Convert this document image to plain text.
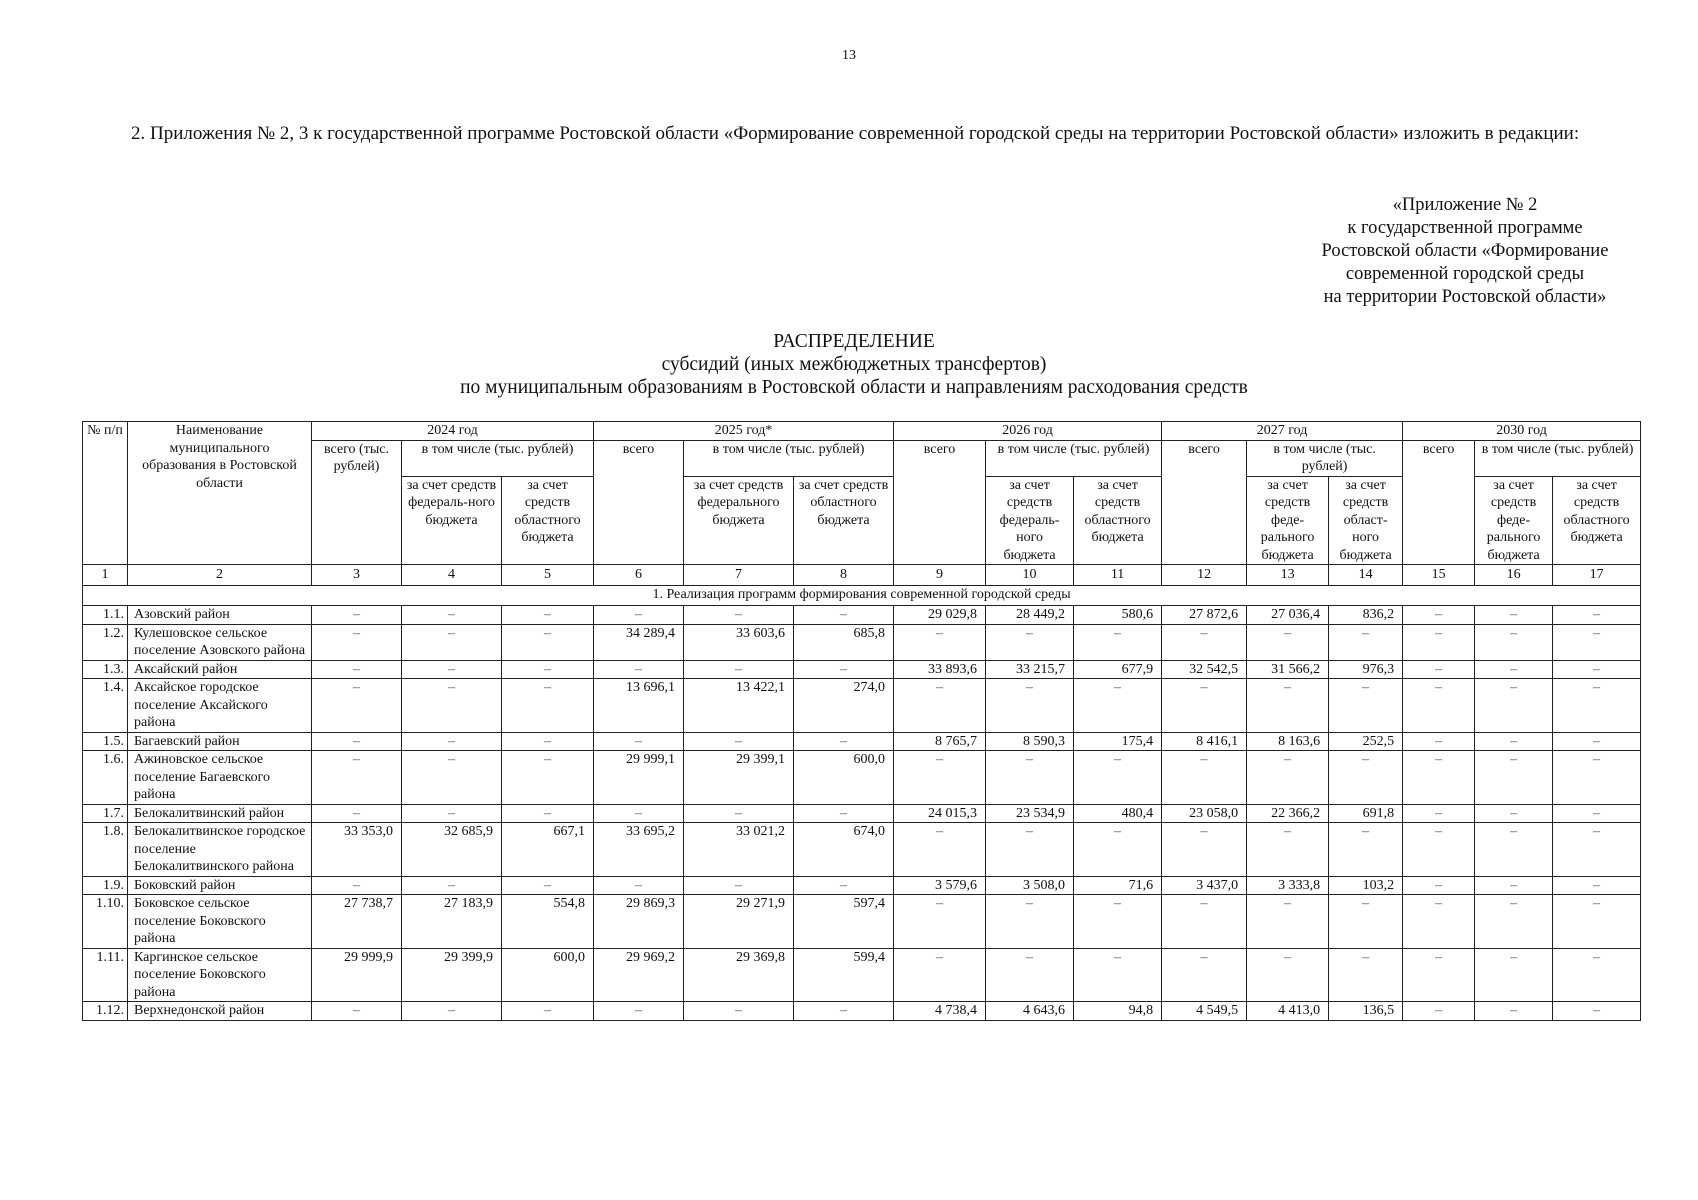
13
2. Приложения № 2, 3 к государственной программе Ростовской области «Формирование современной городской среды на территории Ростовской области» изложить в редакции:
«Приложение № 2
к государственной программе
Ростовской области «Формирование
современной городской среды
на территории Ростовской области»
РАСПРЕДЕЛЕНИЕ
субсидий (иных межбюджетных трансфертов)
по муниципальным образованиям в Ростовской области и направлениям расходования средств
№ п/п	Наименование муниципального образования в Ростовской области	2024 год			2025 год*			2026 год			2027 год			2030 год		
		всего (тыс. рублей)	в том числе (тыс. рублей)		всего	в том числе (тыс. рублей)		всего	в том числе (тыс. рублей)		всего	в том числе (тыс. рублей)		всего	в том числе (тыс. рублей)	
			за счет средств федераль-ного бюджета	за счет средств областного бюджета		за счет средств федерального бюджета	за счет средств областного бюджета		за счет средств федераль-ного бюджета	за счет средств областного бюджета		за счет средств феде-рального бюджета	за счет средств област-ного бюджета		за счет средств феде-рального бюджета	за счет средств областного бюджета
1	2	3	4	5	6	7	8	9	10	11	12	13	14	15	16	17
1. Реализация программ формирования современной городской среды																
1.1.	Азовский район	–	–	–	–	–	–	29 029,8	28 449,2	580,6	27 872,6	27 036,4	836,2	–	–	–
1.2.	Кулешовское сельское поселение Азовского района	–	–	–	34 289,4	33 603,6	685,8	–	–	–	–	–	–	–	–	–
1.3.	Аксайский район	–	–	–	–	–	–	33 893,6	33 215,7	677,9	32 542,5	31 566,2	976,3	–	–	–
1.4.	Аксайское городское поселение Аксайского района	–	–	–	13 696,1	13 422,1	274,0	–	–	–	–	–	–	–	–	–
1.5.	Багаевский район	–	–	–	–	–	–	8 765,7	8 590,3	175,4	8 416,1	8 163,6	252,5	–	–	–
1.6.	Ажиновское сельское поселение Багаевского района	–	–	–	29 999,1	29 399,1	600,0	–	–	–	–	–	–	–	–	–
1.7.	Белокалитвинский район	–	–	–	–	–	–	24 015,3	23 534,9	480,4	23 058,0	22 366,2	691,8	–	–	–
1.8.	Белокалитвинское городское поселение Белокалитвинского района	33 353,0	32 685,9	667,1	33 695,2	33 021,2	674,0	–	–	–	–	–	–	–	–	–
1.9.	Боковский район	–	–	–	–	–	–	3 579,6	3 508,0	71,6	3 437,0	3 333,8	103,2	–	–	–
1.10.	Боковское сельское поселение Боковского района	27 738,7	27 183,9	554,8	29 869,3	29 271,9	597,4	–	–	–	–	–	–	–	–	–
1.11.	Каргинское сельское поселение Боковского района	29 999,9	29 399,9	600,0	29 969,2	29 369,8	599,4	–	–	–	–	–	–	–	–	–
1.12.	Верхнедонской район	–	–	–	–	–	–	4 738,4	4 643,6	94,8	4 549,5	4 413,0	136,5	–	–	–
